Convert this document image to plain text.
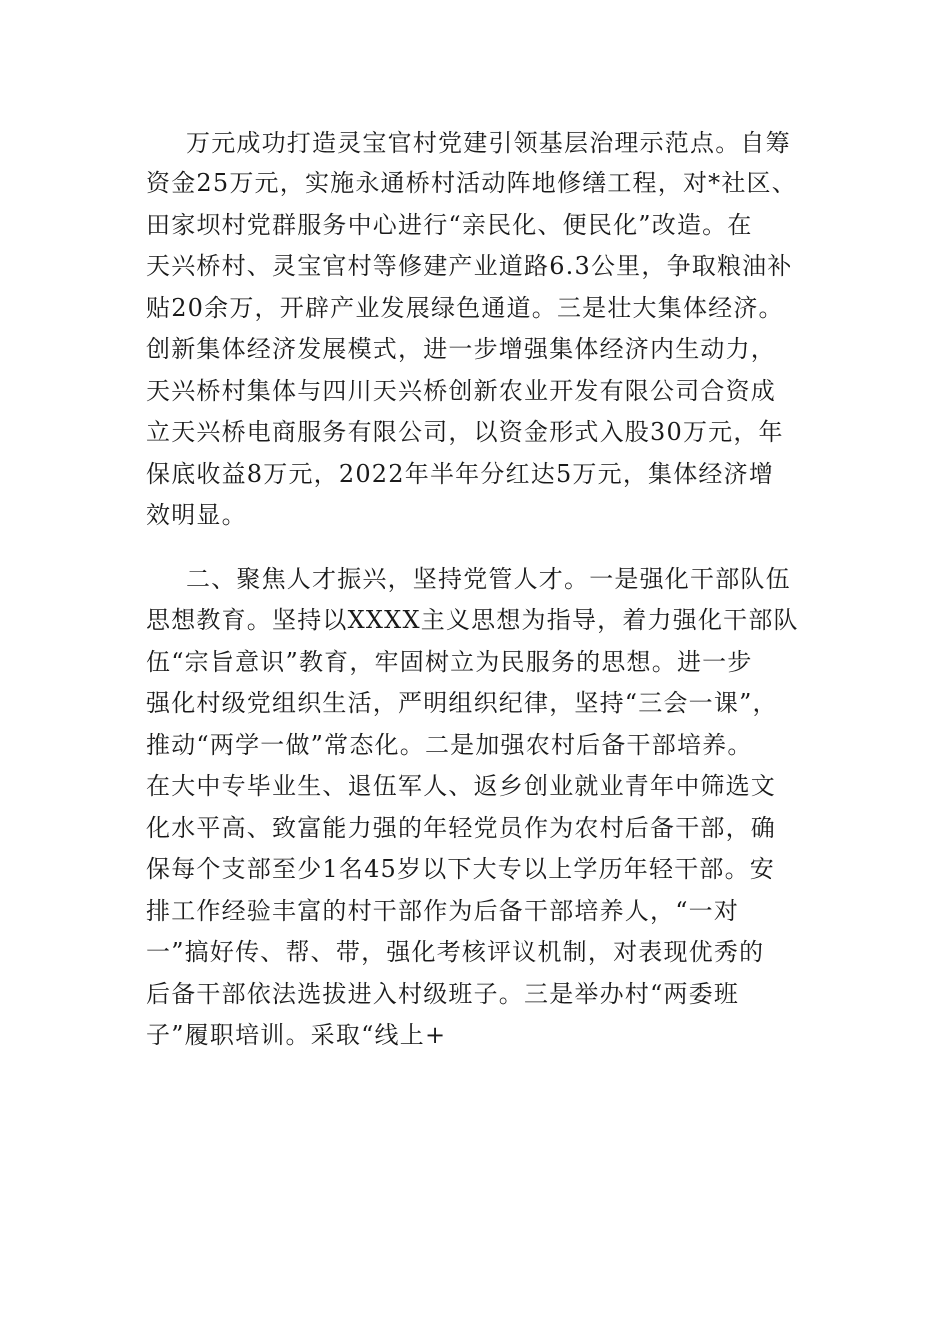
万元成功打造灵宝官村党建引领基层治理示范点。自筹
资金25万元，实施永通桥村活动阵地修缮工程，对*社区、
田家坝村党群服务中心进行“亲民化、便民化”改造。在
天兴桥村、灵宝官村等修建产业道路6.3公里，争取粮油补
贴20余万，开辟产业发展绿色通道。三是壮大集体经济。
创新集体经济发展模式，进一步增强集体经济内生动力，
天兴桥村集体与四川天兴桥创新农业开发有限公司合资成
立天兴桥电商服务有限公司，以资金形式入股30万元，年
保底收益8万元，2022年半年分红达5万元，集体经济增
效明显。
二、聚焦人才振兴，坚持党管人才。一是强化干部队伍
思想教育。坚持以XXXX主义思想为指导，着力强化干部队
伍“宗旨意识”教育，牢固树立为民服务的思想。进一步
强化村级党组织生活，严明组织纪律，坚持“三会一课”，
推动“两学一做”常态化。二是加强农村后备干部培养。
在大中专毕业生、退伍军人、返乡创业就业青年中筛选文
化水平高、致富能力强的年轻党员作为农村后备干部，确
保每个支部至少1名45岁以下大专以上学历年轻干部。安
排工作经验丰富的村干部作为后备干部培养人，“一对
一”搞好传、帮、带，强化考核评议机制，对表现优秀的
后备干部依法选拔进入村级班子。三是举办村“两委班
子”履职培训。采取“线上+
